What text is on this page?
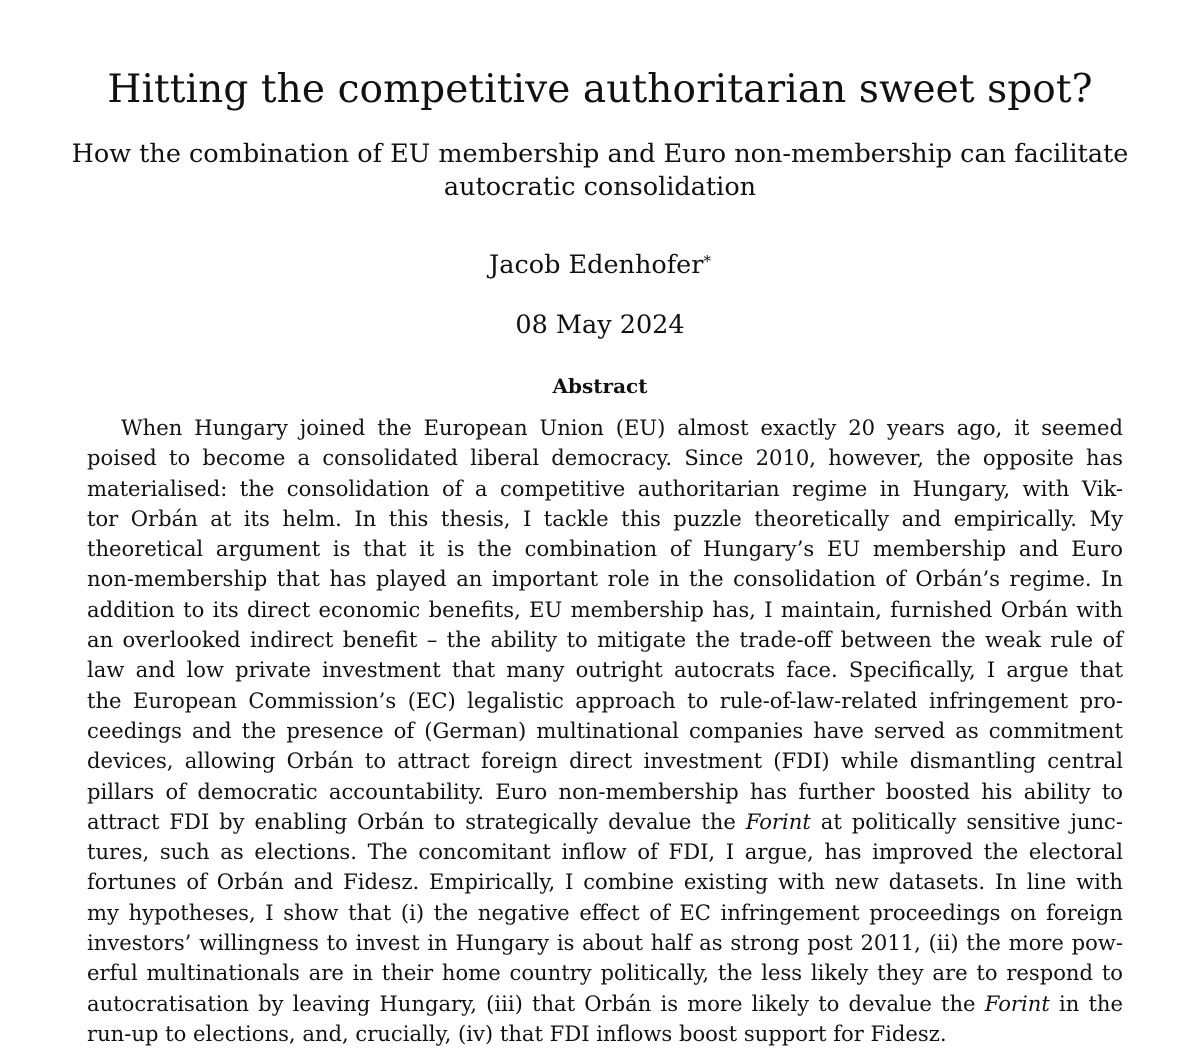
Hitting the competitive authoritarian sweet spot?
How the combination of EU membership and Euro non-membership can facilitate autocratic consolidation
Jacob Edenhofer*
08 May 2024
Abstract
When Hungary joined the European Union (EU) almost exactly 20 years ago, it seemed
poised to become a consolidated liberal democracy. Since 2010, however, the opposite has
materialised: the consolidation of a competitive authoritarian regime in Hungary, with Vik-
tor Orbán at its helm. In this thesis, I tackle this puzzle theoretically and empirically. My
theoretical argument is that it is the combination of Hungary’s EU membership and Euro
non-membership that has played an important role in the consolidation of Orbán’s regime. In
addition to its direct economic benefits, EU membership has, I maintain, furnished Orbán with
an overlooked indirect benefit – the ability to mitigate the trade-off between the weak rule of
law and low private investment that many outright autocrats face. Specifically, I argue that
the European Commission’s (EC) legalistic approach to rule-of-law-related infringement pro-
ceedings and the presence of (German) multinational companies have served as commitment
devices, allowing Orbán to attract foreign direct investment (FDI) while dismantling central
pillars of democratic accountability. Euro non-membership has further boosted his ability to
attract FDI by enabling Orbán to strategically devalue the Forint at politically sensitive junc-
tures, such as elections. The concomitant inflow of FDI, I argue, has improved the electoral
fortunes of Orbán and Fidesz. Empirically, I combine existing with new datasets. In line with
my hypotheses, I show that (i) the negative effect of EC infringement proceedings on foreign
investors’ willingness to invest in Hungary is about half as strong post 2011, (ii) the more pow-
erful multinationals are in their home country politically, the less likely they are to respond to
autocratisation by leaving Hungary, (iii) that Orbán is more likely to devalue the Forint in the
run-up to elections, and, crucially, (iv) that FDI inflows boost support for Fidesz.
